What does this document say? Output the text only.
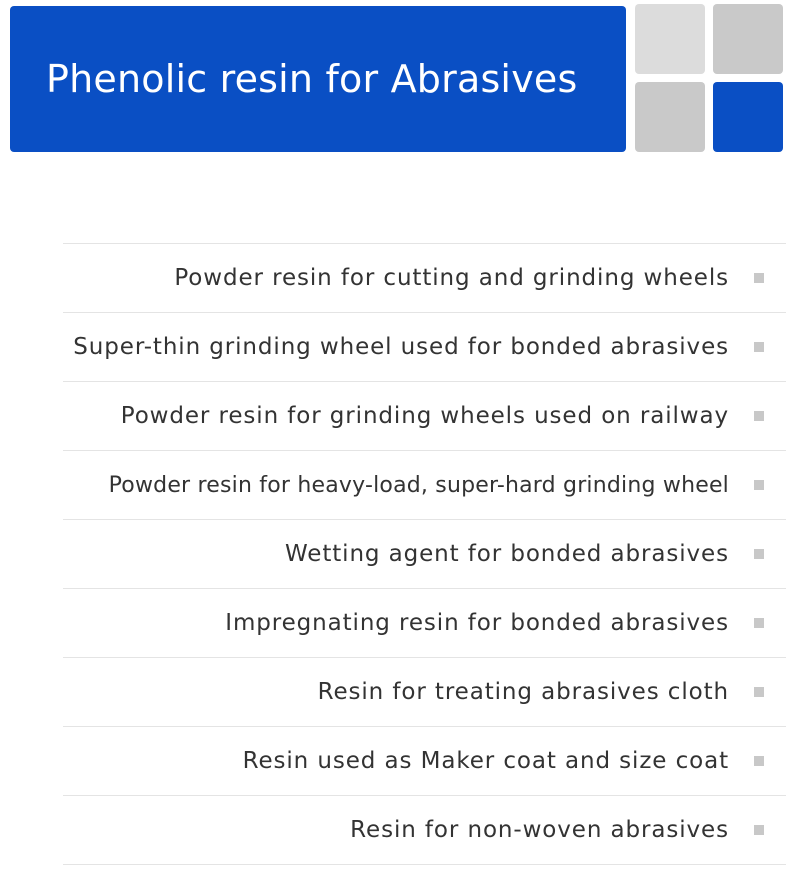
Phenolic resin for Abrasives
Powder resin for cutting and grinding wheels
Super-thin grinding wheel used for bonded abrasives
Powder resin for grinding wheels used on railway
Powder resin for heavy-load, super-hard grinding wheel
Wetting agent for bonded abrasives
Impregnating resin for bonded abrasives
Resin for treating abrasives cloth
Resin used as Maker coat and size coat
Resin for non-woven abrasives
